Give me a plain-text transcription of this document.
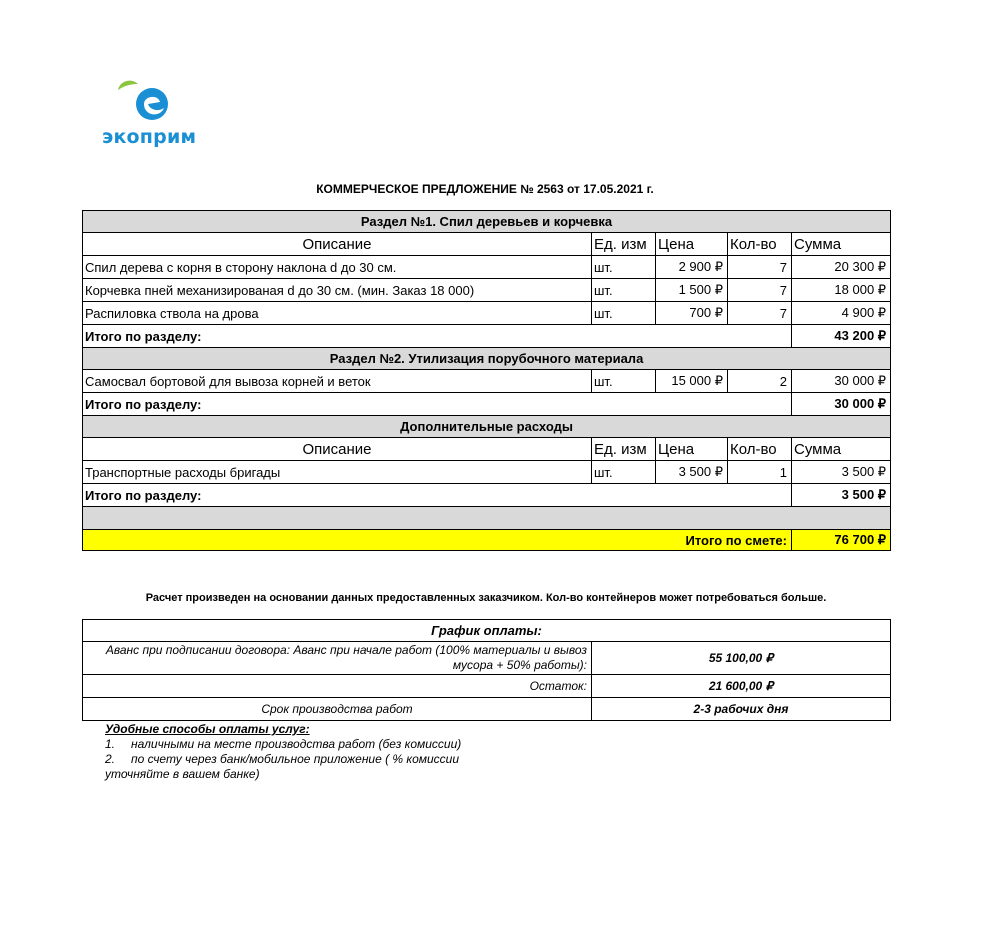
экоприм
КОММЕРЧЕСКОЕ ПРЕДЛОЖЕНИЕ № 2563 от 17.05.2021 г.
Раздел №1. Спил деревьев и корчевка				
Описание	Ед. изм	Цена	Кол-во	Сумма
Спил дерева с корня в сторону наклона d до 30 см.	шт.	2 900 ₽	7	20 300 ₽
Корчевка пней механизированая d до 30 см. (мин. Заказ 18 000)	шт.	1 500 ₽	7	18 000 ₽
Распиловка ствола на дрова	шт.	700 ₽	7	4 900 ₽
Итого по разделу:				43 200 ₽
Раздел №2. Утилизация порубочного материала				
Самосвал бортовой для вывоза корней и веток	шт.	15 000 ₽	2	30 000 ₽
Итого по разделу:				30 000 ₽
Дополнительные расходы				
Описание	Ед. изм	Цена	Кол-во	Сумма
Транспортные расходы бригады	шт.	3 500 ₽	1	3 500 ₽
Итого по разделу:				3 500 ₽

Итого по смете:				76 700 ₽
Расчет произведен на основании данных предоставленных заказчиком. Кол-во контейнеров может потребоваться больше.
График оплаты:	
Аванс при подписании договора: Аванс при начале работ (100% материалы и вывоз мусора + 50% работы):	55 100,00 ₽
Остаток:	21 600,00 ₽
Срок производства работ	2-3 рабочих дня
Удобные способы оплаты услуг:
1. наличными на месте производства работ (без комиссии)
2. по счету через банк/мобильное приложение ( % комиссии
уточняйте в вашем банке)
